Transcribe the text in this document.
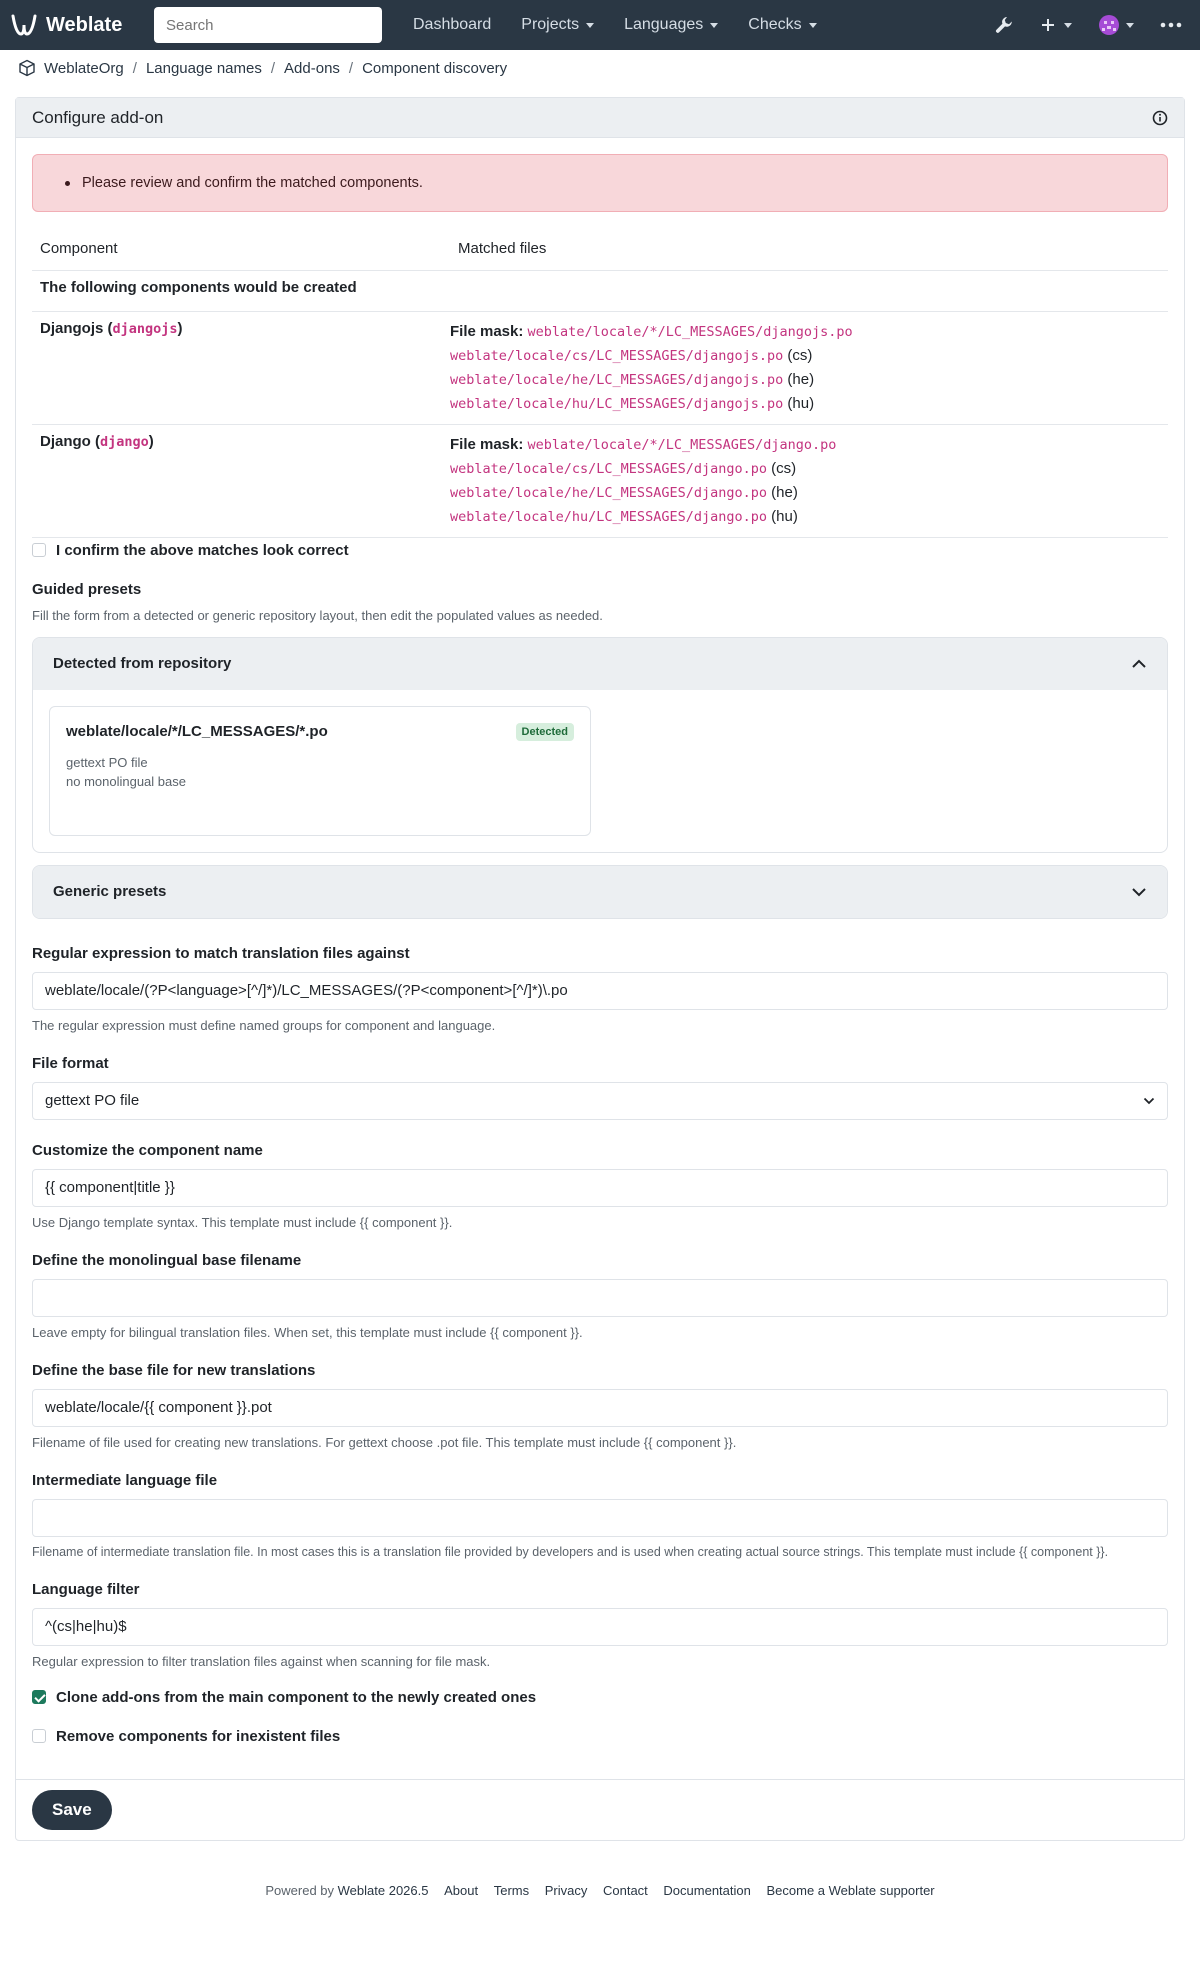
Weblate
Search	Dashboard Projects	Languages	Checks
WeblateOrg / Language names / Add-ons / Component discovery
Configure add-on
Please review and confirm the matched components.
Component	Matched files
The following components would be created	
Djangojs (djangojs)	File mask: weblate/locale/*/LC_MESSAGES/djangojs.po
weblate/locale/cs/LC_MESSAGES/djangojs.po (cs)
weblate/locale/he/LC_MESSAGES/djangojs.po (he)
weblate/locale/hu/LC_MESSAGES/djangojs.po (hu)

Django (django)	File mask: weblate/locale/*/LC_MESSAGES/django.po
weblate/locale/cs/LC_MESSAGES/django.po (cs)
weblate/locale/he/LC_MESSAGES/django.po (he)
weblate/locale/hu/LC_MESSAGES/django.po (hu)
I confirm the above matches look correct
Guided presets
Fill the form from a detected or generic repository layout, then edit the populated values as needed.
Detected from repository
weblate/locale/*/LC_MESSAGES/*.po	Detected
gettext PO file
no monolingual base
Generic presets
Regular expression to match translation files against
weblate/locale/(?P<language>[^/]*)/LC_MESSAGES/(?P<component>[^/]*)\.po
The regular expression must define named groups for component and language.
File format
gettext PO file
Customize the component name
{{ component|title }}
Use Django template syntax. This template must include {{ component }}.
Define the monolingual base filename
Leave empty for bilingual translation files. When set, this template must include {{ component }}.
Define the base file for new translations
weblate/locale/{{ component }}.pot
Filename of file used for creating new translations. For gettext choose .pot file. This template must include {{ component }}.
Intermediate language file
Filename of intermediate translation file. In most cases this is a translation file provided by developers and is used when creating actual source strings. This template must include {{ component }}.
Language filter
^(cs|he|hu)$
Regular expression to filter translation files against when scanning for file mask.
Clone add-ons from the main component to the newly created ones
Remove components for inexistent files
Save
Powered by Weblate 2026.5 About Terms Privacy Contact Documentation Become a Weblate supporter
